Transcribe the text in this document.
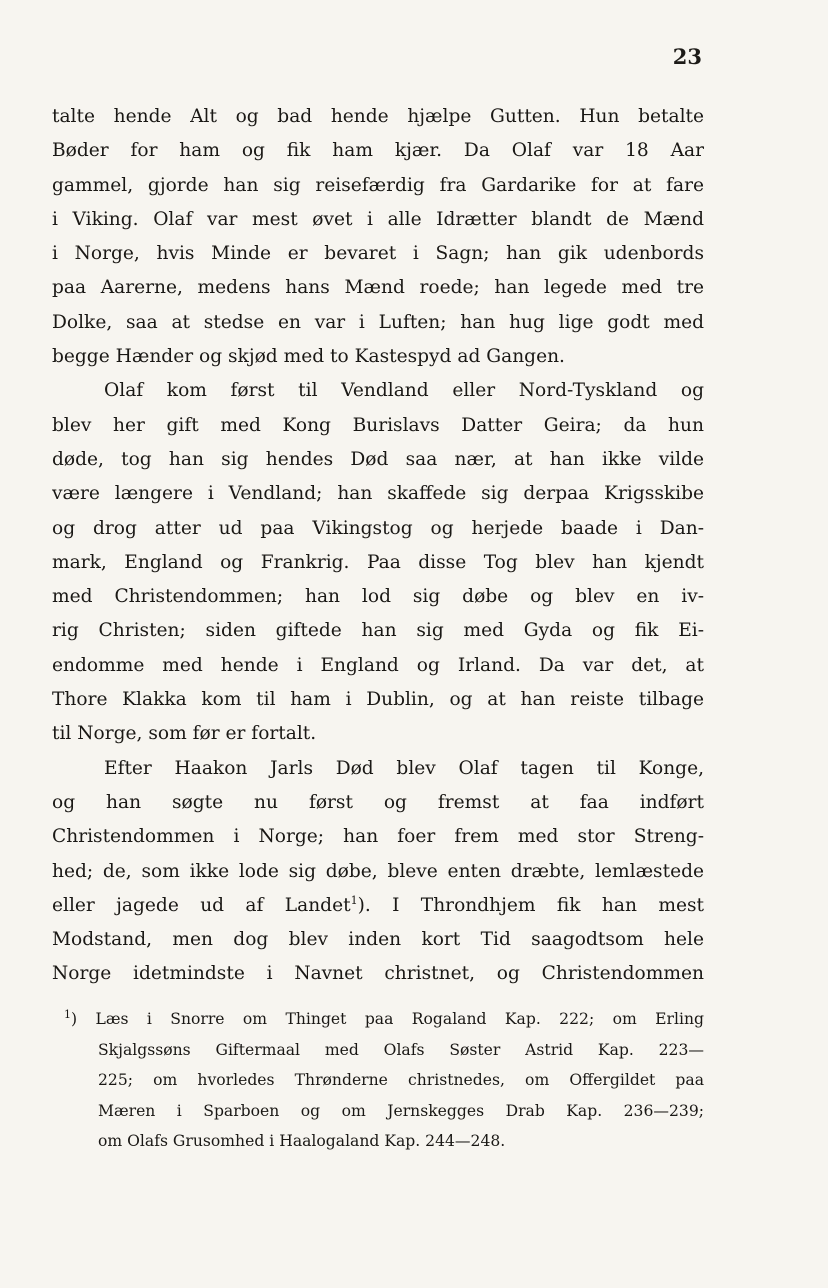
23
talte hende Alt og bad hende hjælpe Gutten. Hun betalte
Bøder for ham og fik ham kjær. Da Olaf var 18 Aar
gammel, gjorde han sig reisefærdig fra Gardarike for at fare
i Viking. Olaf var mest øvet i alle Idrætter blandt de Mænd
i Norge, hvis Minde er bevaret i Sagn; han gik udenbords
paa Aarerne, medens hans Mænd roede; han legede med tre
Dolke, saa at stedse en var i Luften; han hug lige godt med
begge Hænder og skjød med to Kastespyd ad Gangen.
Olaf kom først til Vendland eller Nord-Tyskland og
blev her gift med Kong Burislavs Datter Geira; da hun
døde, tog han sig hendes Død saa nær, at han ikke vilde
være længere i Vendland; han skaffede sig derpaa Krigsskibe
og drog atter ud paa Vikingstog og herjede baade i Dan-
mark, England og Frankrig. Paa disse Tog blev han kjendt
med Christendommen; han lod sig døbe og blev en iv-
rig Christen; siden giftede han sig med Gyda og fik Ei-
endomme med hende i England og Irland. Da var det, at
Thore Klakka kom til ham i Dublin, og at han reiste tilbage
til Norge, som før er fortalt.
Efter Haakon Jarls Død blev Olaf tagen til Konge,
og han søgte nu først og fremst at faa indført
Christendommen i Norge; han foer frem med stor Streng-
hed; de, som ikke lode sig døbe, bleve enten dræbte, lemlæstede
eller jagede ud af Landet$^1$). I Throndhjem fik han mest
Modstand, men dog blev inden kort Tid saagodtsom hele
Norge idetmindste i Navnet christnet, og Christendommen
$^1$) Læs i Snorre om Thinget paa Rogaland Kap. 222; om Erling
Skjalgssøns Giftermaal med Olafs Søster Astrid Kap. 223—
225; om hvorledes Thrønderne christnedes, om Offergildet paa
Mæren i Sparboen og om Jernskegges Drab Kap. 236—239;
om Olafs Grusomhed i Haalogaland Kap. 244—248.
